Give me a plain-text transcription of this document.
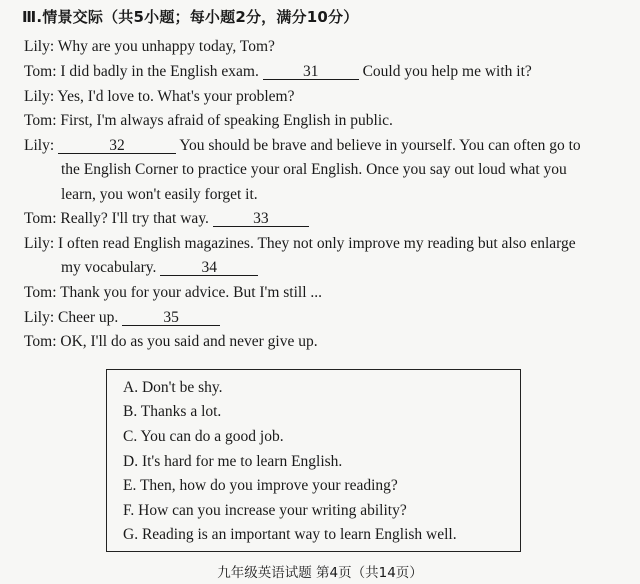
Ⅲ.情景交际（共5小题；每小题2分，满分10分）
Lily: Why are you unhappy today, Tom?
Tom: I did badly in the English exam.	31	Could you help me with it?
Lily: Yes, I'd love to. What's your problem?
Tom: First, I'm always afraid of speaking English in public.
Lily:	32	You should be brave and believe in yourself. You can often go to
the English Corner to practice your oral English. Once you say out loud what you
learn, you won't easily forget it.
Tom: Really? I'll try that way.	33
Lily: I often read English magazines. They not only improve my reading but also enlarge
my vocabulary.	34
Tom: Thank you for your advice. But I'm still ...
Lily: Cheer up.	35
Tom: OK, I'll do as you said and never give up.
A. Don't be shy.
B. Thanks a lot.
C. You can do a good job.
D. It's hard for me to learn English.
E. Then, how do you improve your reading?
F. How can you increase your writing ability?
G. Reading is an important way to learn English well.
九年级英语试题 第4页（共14页）
